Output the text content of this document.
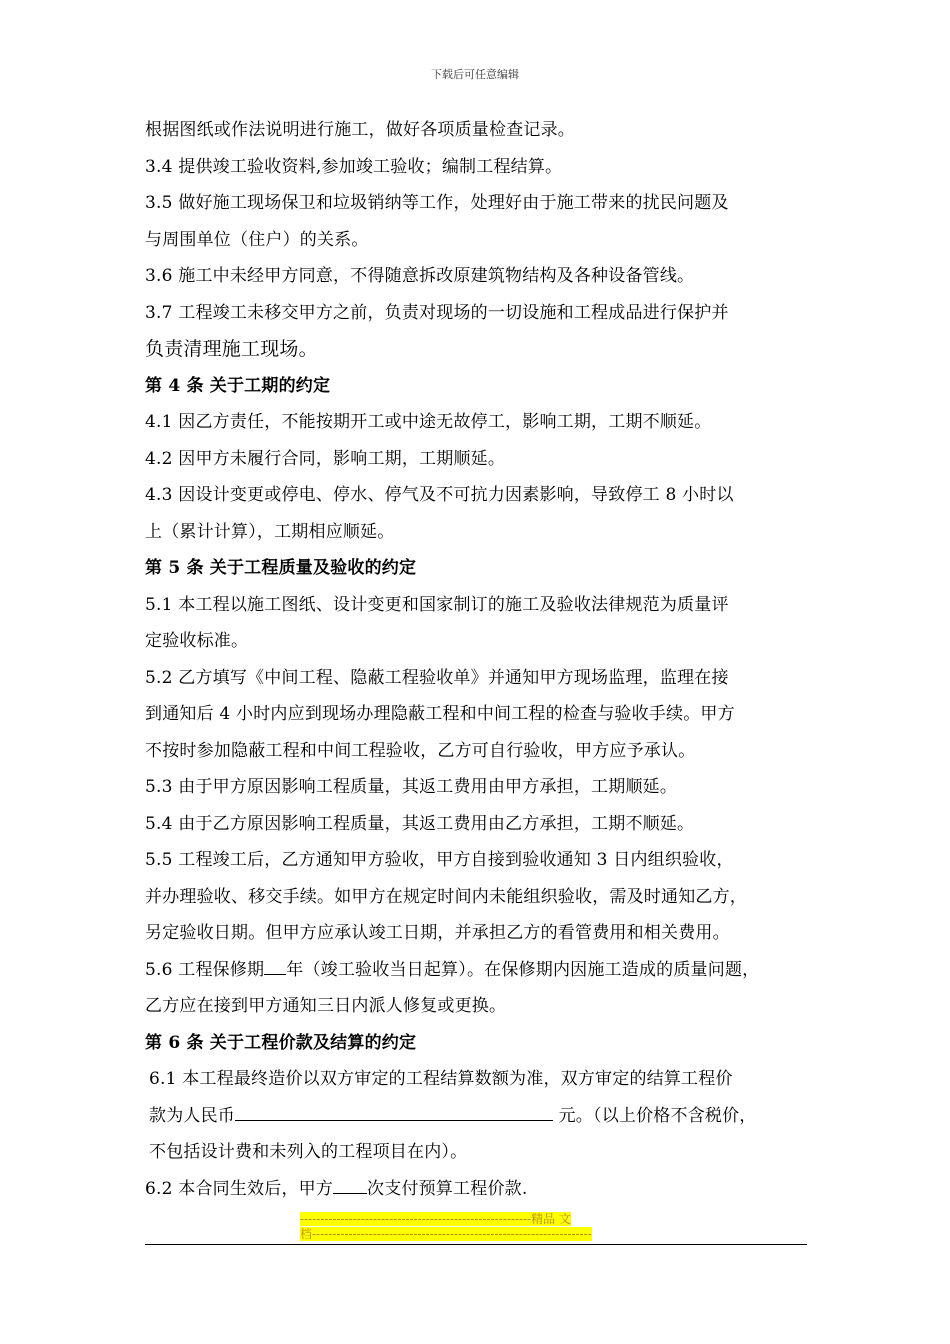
下载后可任意编辑
根据图纸或作法说明进行施工，做好各项质量检查记录。
3.4 提供竣工验收资料,参加竣工验收；编制工程结算。
3.5 做好施工现场保卫和垃圾销纳等工作，处理好由于施工带来的扰民问题及
与周围单位（住户）的关系。
3.6 施工中未经甲方同意，不得随意拆改原建筑物结构及各种设备管线。
3.7 工程竣工未移交甲方之前，负责对现场的一切设施和工程成品进行保护并
负责清理施工现场。
第 4 条 关于工期的约定
4.1 因乙方责任，不能按期开工或中途无故停工，影响工期，工期不顺延。
4.2 因甲方未履行合同，影响工期，工期顺延。
4.3 因设计变更或停电、停水、停气及不可抗力因素影响，导致停工 8 小时以
上（累计计算），工期相应顺延。
第 5 条 关于工程质量及验收的约定
5.1 本工程以施工图纸、设计变更和国家制订的施工及验收法律规范为质量评
定验收标准。
5.2 乙方填写《中间工程、隐蔽工程验收单》并通知甲方现场监理，监理在接
到通知后 4 小时内应到现场办理隐蔽工程和中间工程的检查与验收手续。甲方
不按时参加隐蔽工程和中间工程验收，乙方可自行验收，甲方应予承认。
5.3 由于甲方原因影响工程质量，其返工费用由甲方承担，工期顺延。
5.4 由于乙方原因影响工程质量，其返工费用由乙方承担，工期不顺延。
5.5 工程竣工后，乙方通知甲方验收，甲方自接到验收通知 3 日内组织验收，
并办理验收、移交手续。如甲方在规定时间内未能组织验收，需及时通知乙方，
另定验收日期。但甲方应承认竣工日期，并承担乙方的看管费用和相关费用。
5.6 工程保修期 年（竣工验收当日起算）。在保修期内因施工造成的质量问题，
乙方应在接到甲方通知三日内派人修复或更换。
第 6 条 关于工程价款及结算的约定
6.1 本工程最终造价以双方审定的工程结算数额为准，双方审定的结算工程价
款为人民币	元。（以上价格不含税价，
不包括设计费和未列入的工程项目在内）。
6.2 本合同生效后，甲方 次支付预算工程价款.
---------------------------------------------------------精品 文
档---------------------------------------------------------------------
